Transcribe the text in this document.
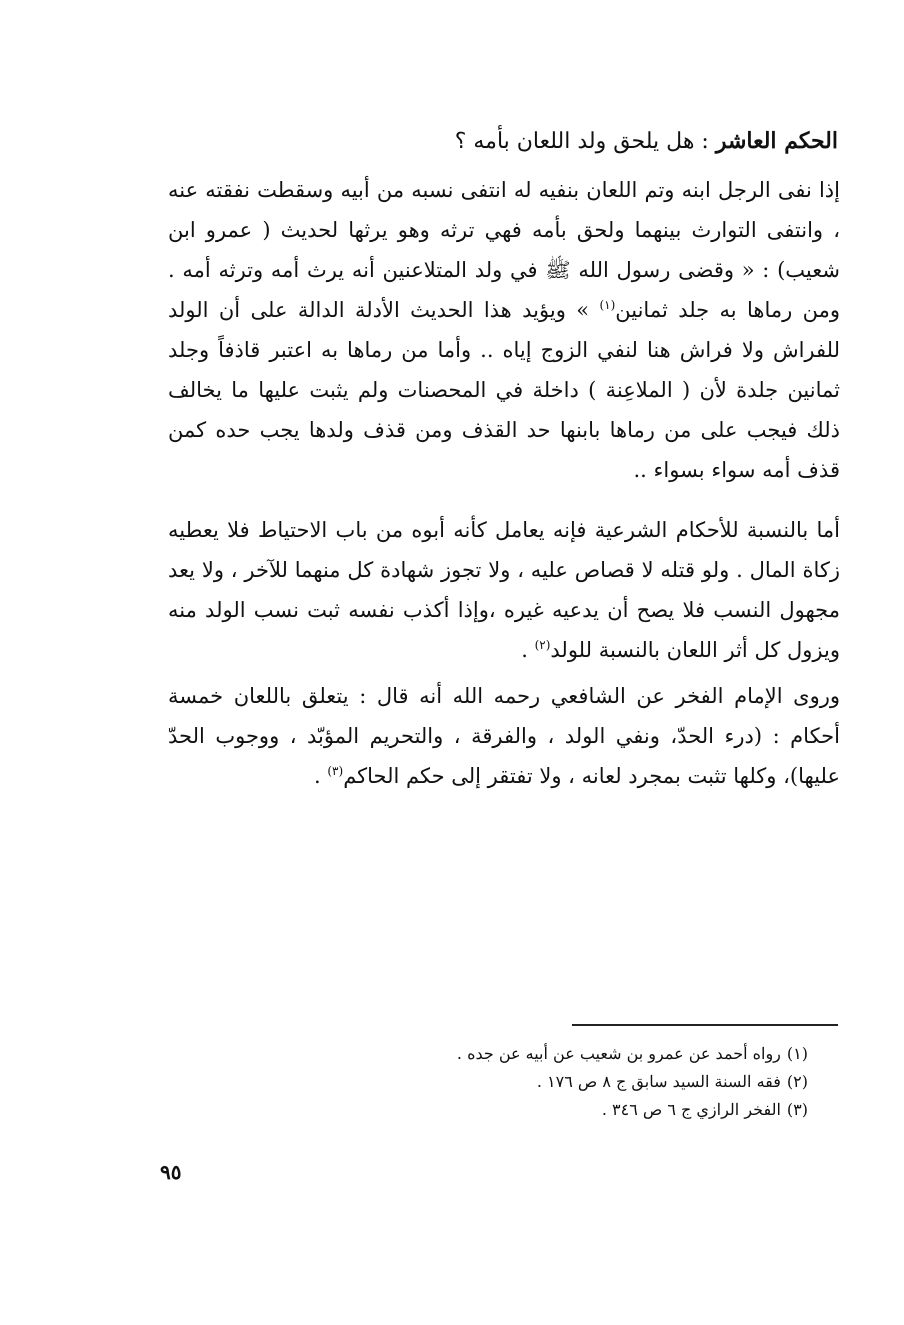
الحكم العاشر : هل يلحق ولد اللعان بأمه ؟

إذا نفى الرجل ابنه وتم اللعان بنفيه له انتفى نسبه من أبيه وسقطت نفقته عنه ، وانتفى التوارث بينهما ولحق بأمه فهي ترثه وهو يرثها لحديث ( عمرو ابن شعيب) : « وقضى رسول الله ﷺ في ولد المتلاعنين أنه يرث أمه وترثه أمه . ومن رماها به جلد ثمانين$^{(١)}$ » ويؤيد هذا الحديث الأدلة الدالة على أن الولد للفراش ولا فراش هنا لنفي الزوج إياه .. وأما من رماها به اعتبر قاذفاً وجلد ثمانين جلدة لأن ( الملاعِنة ) داخلة في المحصنات ولم يثبت عليها ما يخالف ذلك فيجب على من رماها بابنها حد القذف ومن قذف ولدها يجب حده كمن قذف أمه سواء بسواء ..

أما بالنسبة للأحكام الشرعية فإنه يعامل كأنه أبوه من باب الاحتياط فلا يعطيه زكاة المال . ولو قتله لا قصاص عليه ، ولا تجوز شهادة كل منهما للآخر ، ولا يعد مجهول النسب فلا يصح أن يدعيه غيره ،وإذا أكذب نفسه ثبت نسب الولد منه ويزول كل أثر اللعان بالنسبة للولد$^{(٢)}$ .

وروى الإمام الفخر عن الشافعي رحمه الله أنه قال : يتعلق باللعان خمسة أحكام : (درء الحدّ، ونفي الولد ، والفرقة ، والتحريم المؤبّد ، ووجوب الحدّ عليها)، وكلها تثبت بمجرد لعانه ، ولا تفتقر إلى حكم الحاكم$^{(٣)}$ .

(١)رواه أحمد عن عمرو بن شعيب عن أبيه عن جده .
(٢)فقه السنة السيد سابق ج ٨ ص ١٧٦ .
(٣)الفخر الرازي ج ٦ ص ٣٤٦ .
٩٥
